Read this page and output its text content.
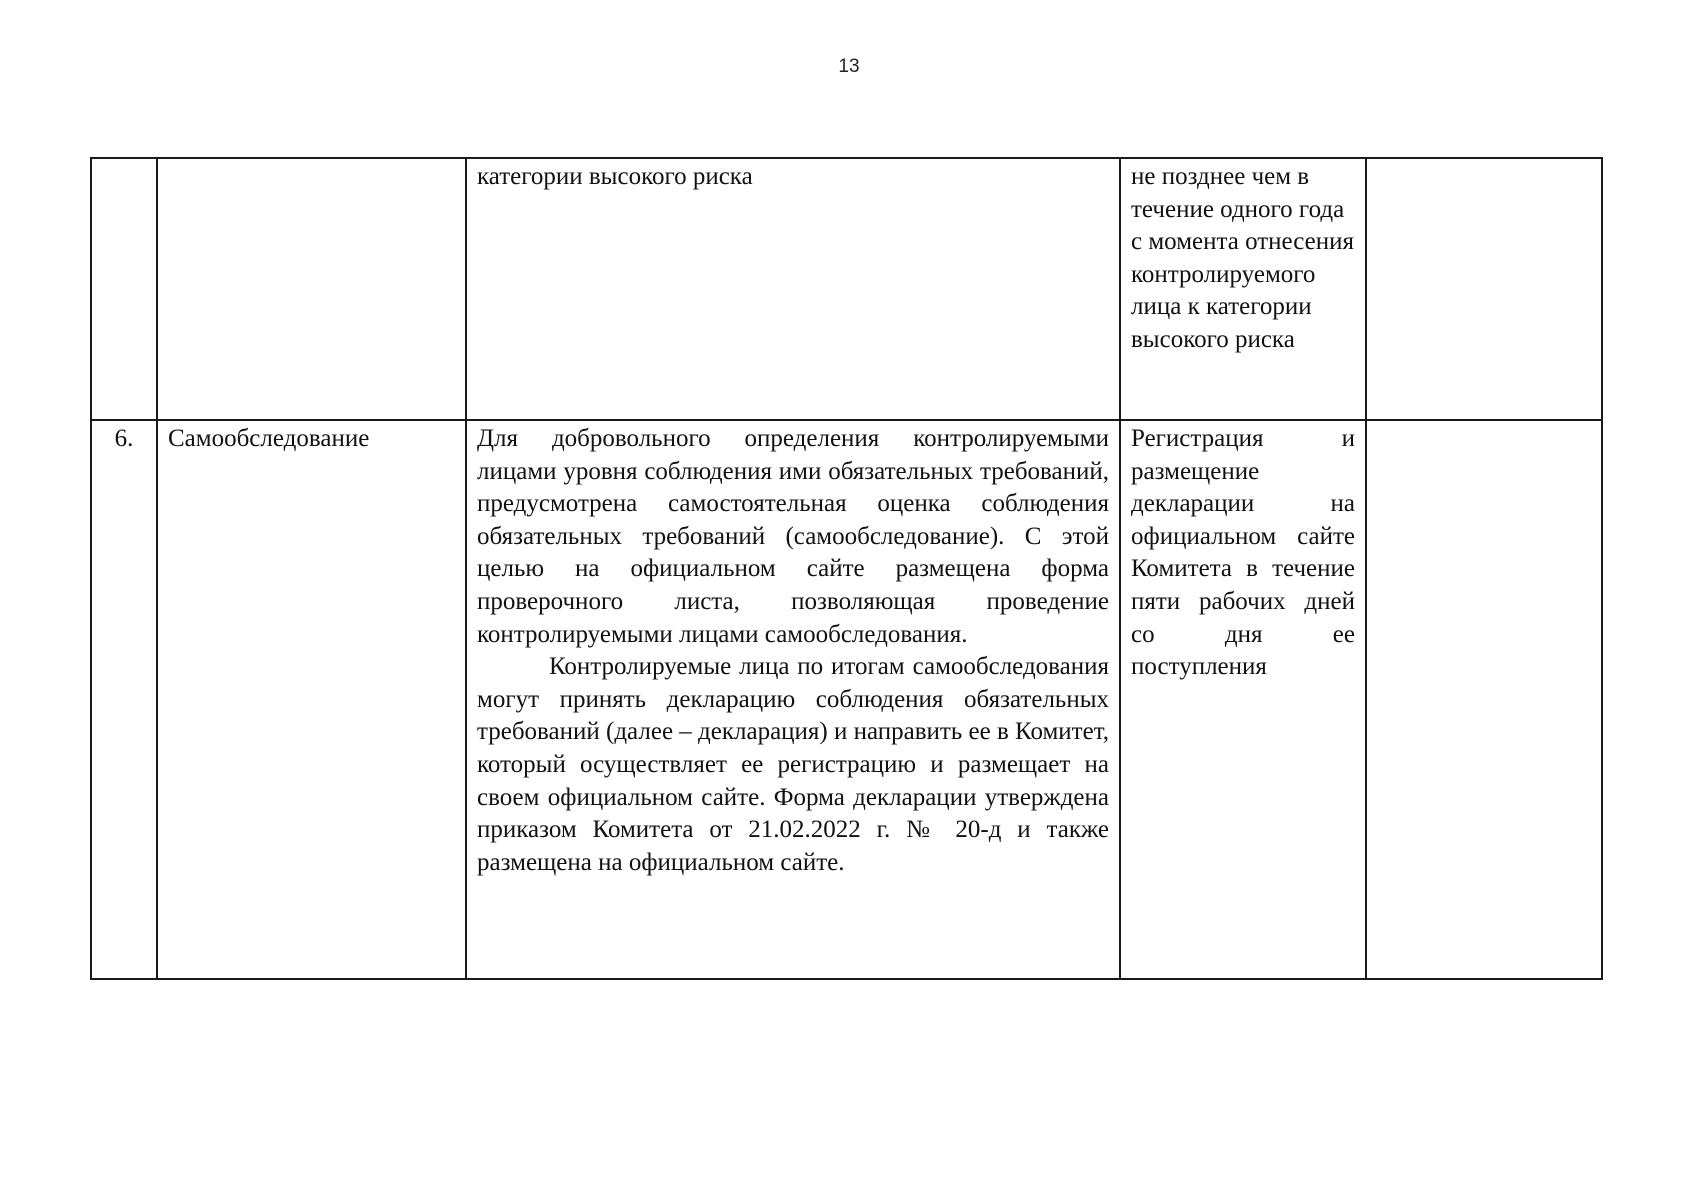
13

		категории высокого риска	не позднее чем в течение одного года с момента отнесения контролируемого лица к категории высокого риска	

6.	Самообследование	Для добровольного определения контролируемыми лицами уровня соблюдения ими обязательных требований, предусмотрена самостоятельная оценка соблюдения обязательных требований (самообследование). С этой целью на официальном сайте размещена форма проверочного листа, позволяющая проведение контролируемыми лицами самообследования.

Контролируемые лица по итогам самообследования могут принять декларацию соблюдения обязательных требований (далее – декларация) и направить ее в Комитет, который осуществляет ее регистрацию и размещает на своем официальном сайте. Форма декларации утверждена приказом Комитета от 21.02.2022 г. № 20-д и также размещена на официальном сайте.	Регистрация и размещение декларации на официальном сайте Комитета в течение пяти рабочих дней со дня ее поступления	
